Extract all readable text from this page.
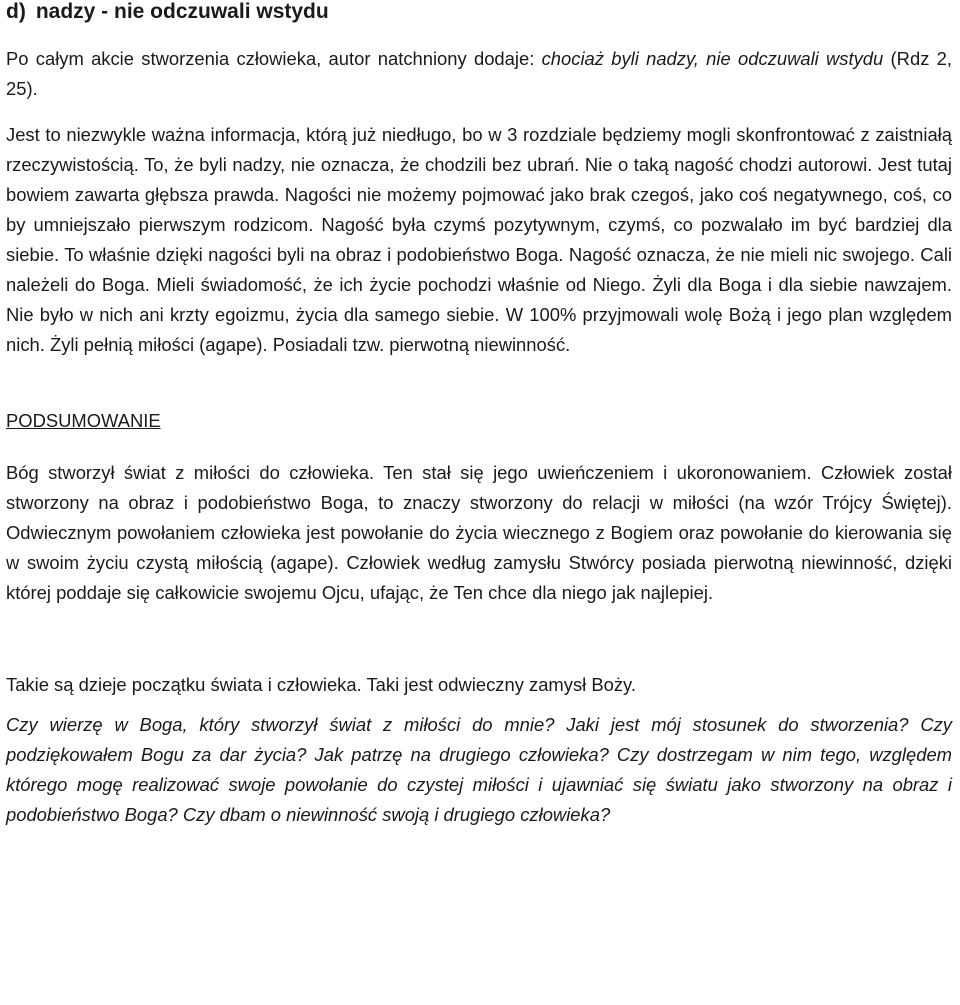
d) nadzy - nie odczuwali wstydu

Po całym akcie stworzenia człowieka, autor natchniony dodaje: chociaż byli nadzy, nie odczuwali wstydu (Rdz 2, 25).

Jest to niezwykle ważna informacja, którą już niedługo, bo w 3 rozdziale będziemy mogli skonfrontować z zaistniałą rzeczywistością. To, że byli nadzy, nie oznacza, że chodzili bez ubrań. Nie o taką nagość chodzi autorowi. Jest tutaj bowiem zawarta głębsza prawda. Nagości nie możemy pojmować jako brak czegoś, jako coś negatywnego, coś, co by umniejszało pierwszym rodzicom. Nagość była czymś pozytywnym, czymś, co pozwalało im być bardziej dla siebie. To właśnie dzięki nagości byli na obraz i podobieństwo Boga. Nagość oznacza, że nie mieli nic swojego. Cali należeli do Boga. Mieli świadomość, że ich życie pochodzi właśnie od Niego. Żyli dla Boga i dla siebie nawzajem. Nie było w nich ani krzty egoizmu, życia dla samego siebie. W 100% przyjmowali wolę Bożą i jego plan względem nich. Żyli pełnią miłości (agape). Posiadali tzw. pierwotną niewinność.

PODSUMOWANIE

Bóg stworzył świat z miłości do człowieka. Ten stał się jego uwieńczeniem i ukoronowaniem. Człowiek został stworzony na obraz i podobieństwo Boga, to znaczy stworzony do relacji w miłości (na wzór Trójcy Świętej). Odwiecznym powołaniem człowieka jest powołanie do życia wiecznego z Bogiem oraz powołanie do kierowania się w swoim życiu czystą miłością (agape). Człowiek według zamysłu Stwórcy posiada pierwotną niewinność, dzięki której poddaje się całkowicie swojemu Ojcu, ufając, że Ten chce dla niego jak najlepiej.

Takie są dzieje początku świata i człowieka. Taki jest odwieczny zamysł Boży.

Czy wierzę w Boga, który stworzył świat z miłości do mnie? Jaki jest mój stosunek do stworzenia? Czy podziękowałem Bogu za dar życia? Jak patrzę na drugiego człowieka? Czy dostrzegam w nim tego, względem którego mogę realizować swoje powołanie do czystej miłości i ujawniać się światu jako stworzony na obraz i podobieństwo Boga? Czy dbam o niewinność swoją i drugiego człowieka?
